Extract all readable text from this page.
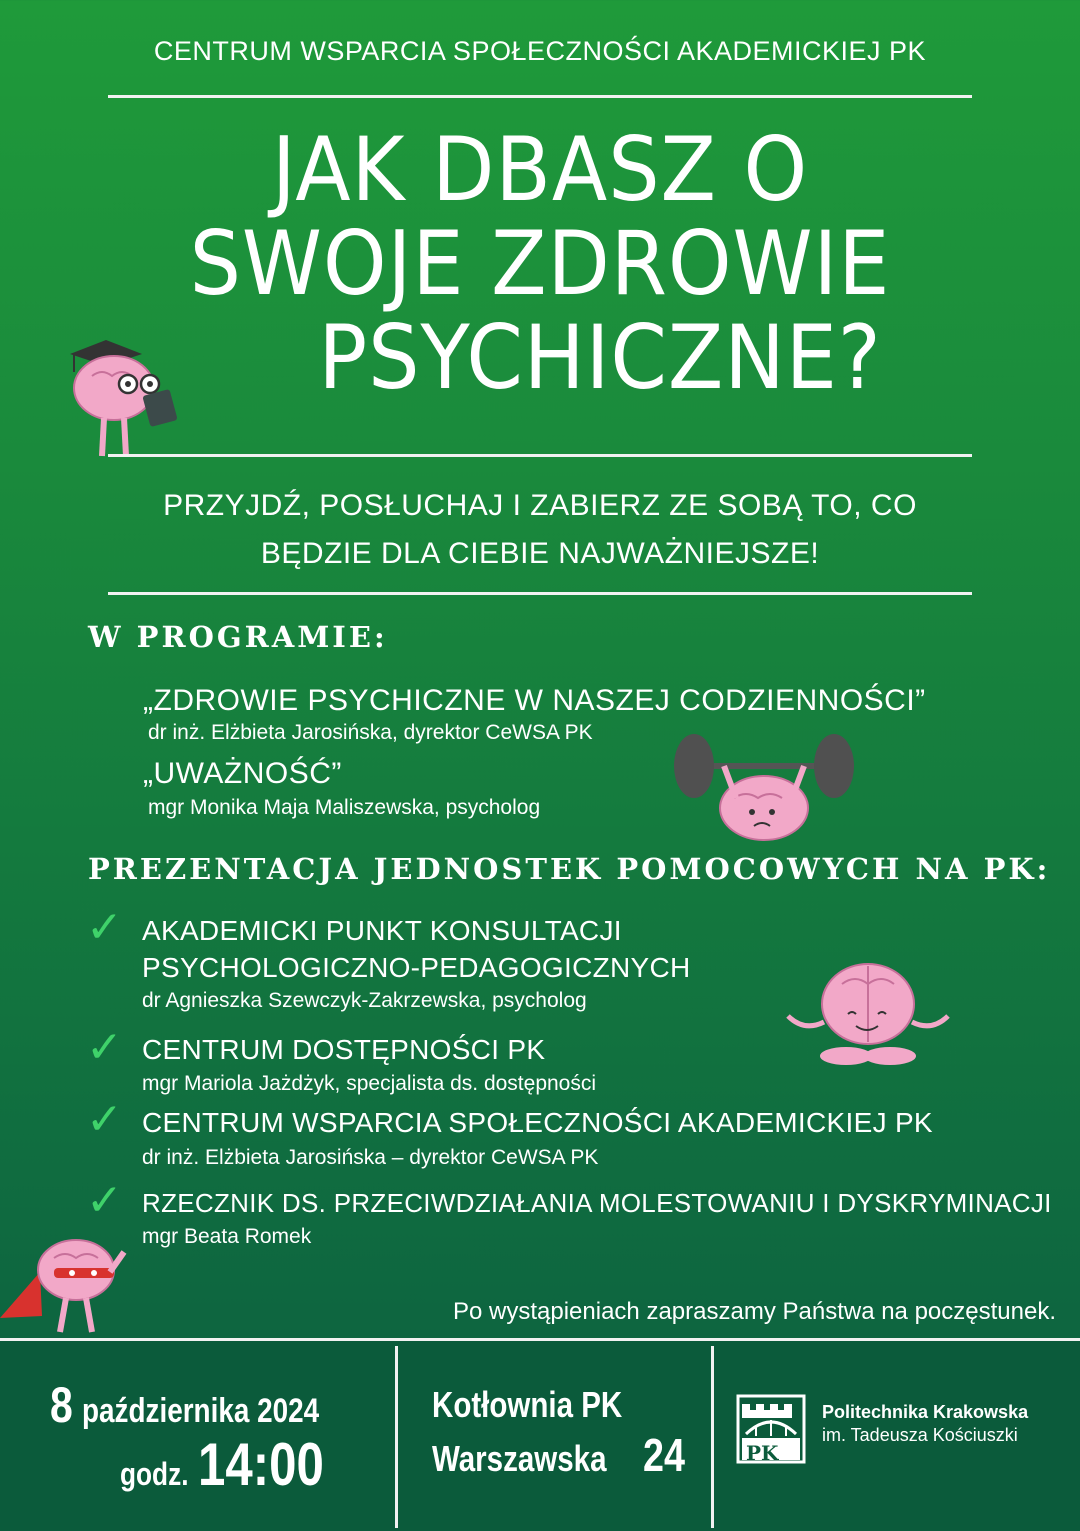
CENTRUM WSPARCIA SPOŁECZNOŚCI AKADEMICKIEJ PK
JAK DBASZ O
SWOJE ZDROWIE
PSYCHICZNE?
PRZYJDŹ, POSŁUCHAJ I ZABIERZ ZE SOBĄ TO, CO
BĘDZIE DLA CIEBIE NAJWAŻNIEJSZE!
W PROGRAMIE:
„ZDROWIE PSYCHICZNE W NASZEJ CODZIENNOŚCI”
dr inż. Elżbieta Jarosińska, dyrektor CeWSA PK
„UWAŻNOŚĆ”
mgr Monika Maja Maliszewska, psycholog
PREZENTACJA JEDNOSTEK POMOCOWYCH NA PK:
✓ AKADEMICKI PUNKT KONSULTACJI
PSYCHOLOGICZNO-PEDAGOGICZNYCH
dr Agnieszka Szewczyk-Zakrzewska, psycholog
✓ CENTRUM DOSTĘPNOŚCI PK
mgr Mariola Jażdżyk, specjalista ds. dostępności
✓ CENTRUM WSPARCIA SPOŁECZNOŚCI AKADEMICKIEJ PK
dr inż. Elżbieta Jarosińska – dyrektor CeWSA PK
✓ RZECZNIK DS. PRZECIWDZIAŁANIA MOLESTOWANIU I DYSKRYMINACJI
mgr Beata Romek
Po wystąpieniach zapraszamy Państwa na poczęstunek.
8 października 2024
godz. 14:00
Kotłownia PK
Warszawska 24	PK
Politechnika Krakowska
im. Tadeusza Kościuszki
